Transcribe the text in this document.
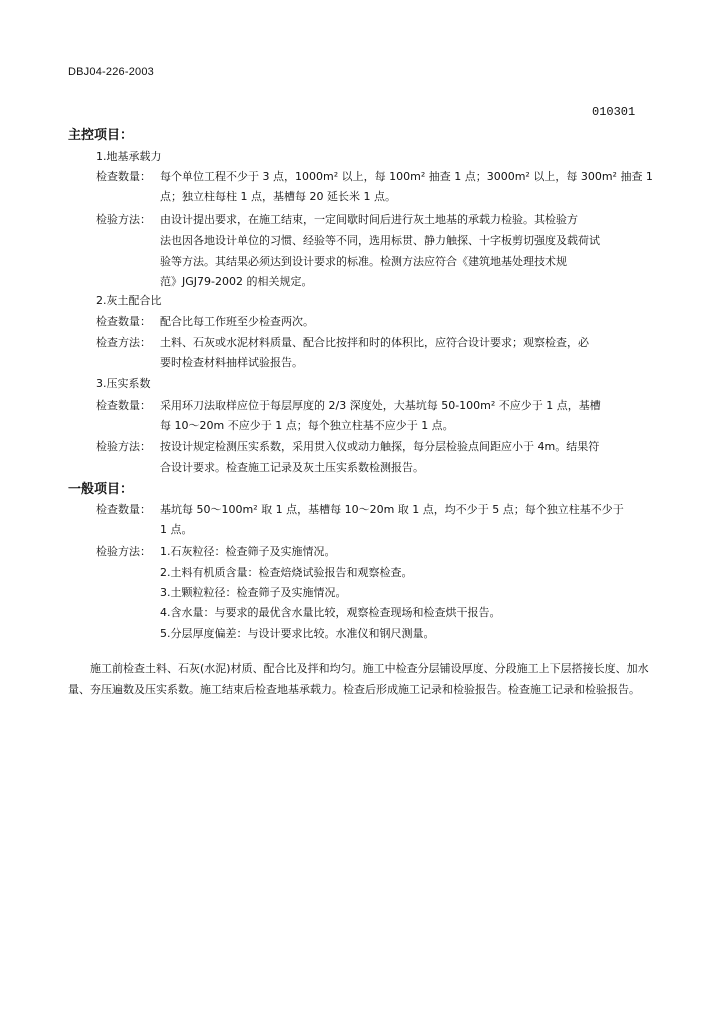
DBJ04-226-2003
010301
主控项目：
1.地基承载力
检查数量： 每个单位工程不少于 3 点，1000m² 以上，每 100m² 抽查 1 点；3000m² 以上，每 300m² 抽查 1
点；独立柱每柱 1 点，基槽每 20 延长米 1 点。
检验方法： 由设计提出要求，在施工结束，一定间歇时间后进行灰土地基的承载力检验。其检验方
法也因各地设计单位的习惯、经验等不同，选用标贯、静力触探、十字板剪切强度及载荷试
验等方法。其结果必须达到设计要求的标准。检测方法应符合《建筑地基处理技术规
范》JGJ79-2002 的相关规定。
2.灰土配合比
检查数量： 配合比每工作班至少检查两次。
检查方法： 土料、石灰或水泥材料质量、配合比按拌和时的体积比，应符合设计要求；观察检查，必
要时检查材料抽样试验报告。
3.压实系数
检查数量： 采用环刀法取样应位于每层厚度的 2/3 深度处，大基坑每 50-100m² 不应少于 1 点，基槽
每 10～20m 不应少于 1 点；每个独立柱基不应少于 1 点。
检验方法： 按设计规定检测压实系数，采用贯入仪或动力触探，每分层检验点间距应小于 4m。结果符
合设计要求。检查施工记录及灰土压实系数检测报告。
一般项目：
检查数量： 基坑每 50～100m² 取 1 点，基槽每 10～20m 取 1 点，均不少于 5 点；每个独立柱基不少于
1 点。
检验方法： 1.石灰粒径：检查筛子及实施情况。
2.土料有机质含量：检查焙烧试验报告和观察检查。
3.土颗粒粒径：检查筛子及实施情况。
4.含水量：与要求的最优含水量比较，观察检查现场和检查烘干报告。
5.分层厚度偏差：与设计要求比较。水准仪和钢尺测量。

施工前检查土料、石灰(水泥)材质、配合比及拌和均匀。施工中检查分层铺设厚度、分段施工上下层搭接长度、加水量、夯压遍数及压实系数。施工结束后检查地基承载力。检查后形成施工记录和检验报告。检查施工记录和检验报告。
